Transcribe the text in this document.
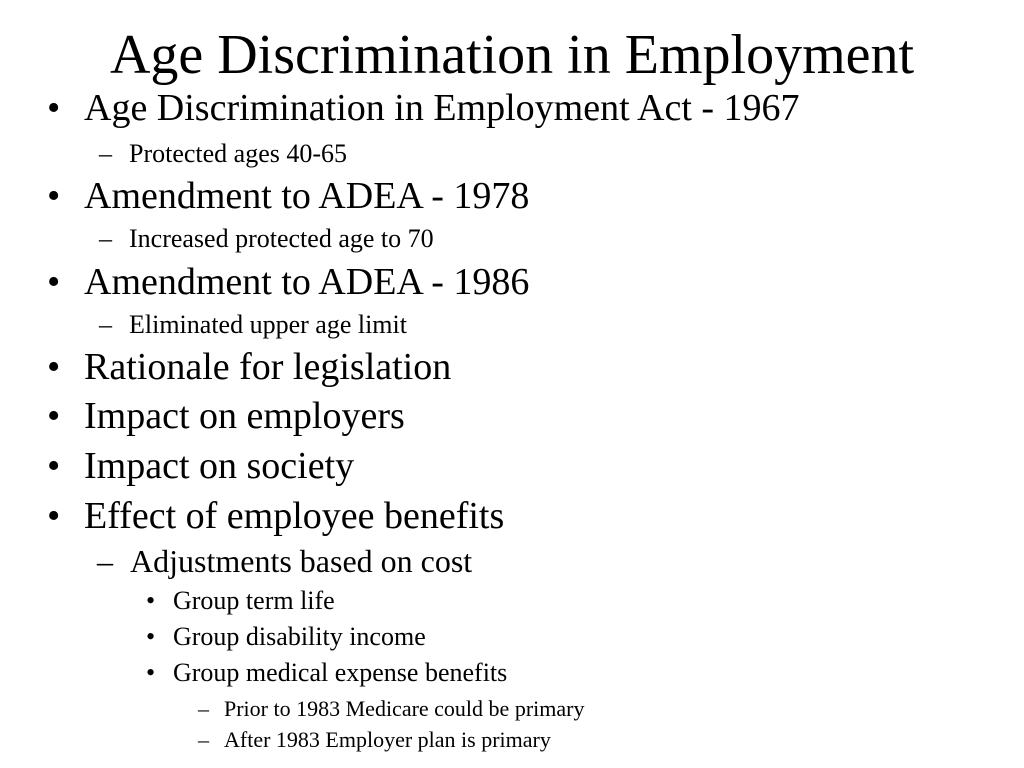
Age Discrimination in Employment
• Age Discrimination in Employment Act - 1967
– Protected ages 40-65
• Amendment to ADEA - 1978
– Increased protected age to 70
• Amendment to ADEA - 1986
– Eliminated upper age limit
• Rationale for legislation
• Impact on employers
• Impact on society
• Effect of employee benefits
– Adjustments based on cost
• Group term life
• Group disability income
• Group medical expense benefits
– Prior to 1983 Medicare could be primary
– After 1983 Employer plan is primary
